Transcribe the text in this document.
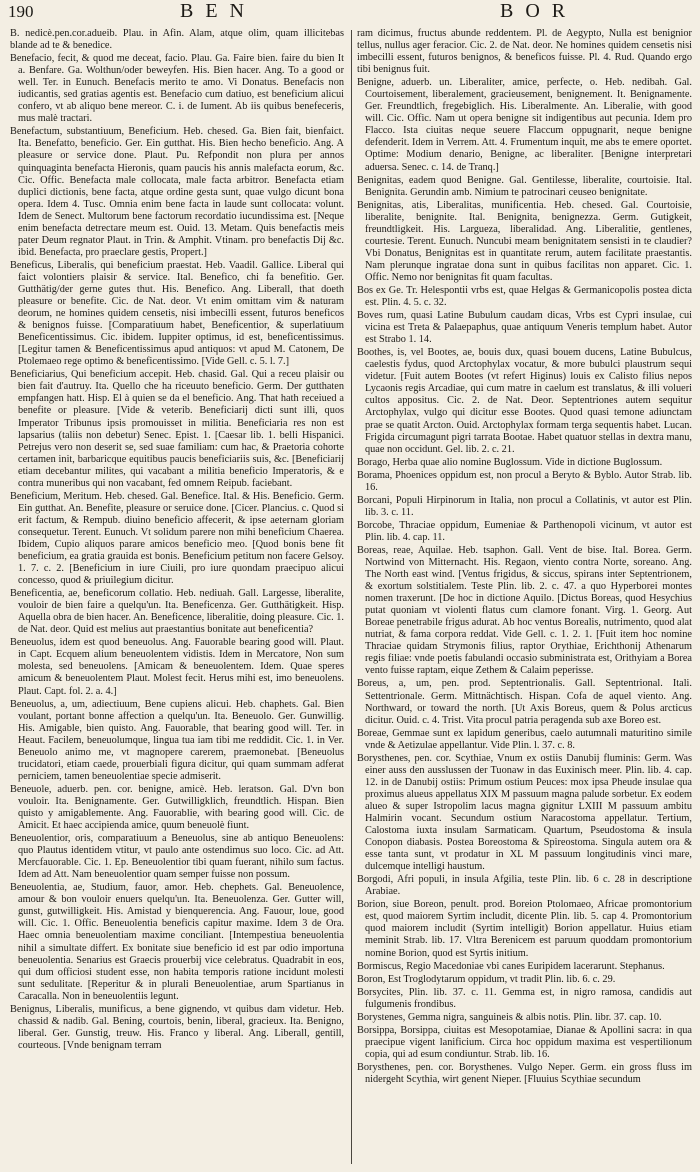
190	BEN	BOR

B. nedicè.pen.cor.adueib. Plau. in Afin. Alam, atque olim, quam illicitebas blande ad te & benedice.

Benefacio, fecit, & quod me deceat, facio. Plau. Ga. Faire bien. faire du bien It a. Benfare. Ga. Wolthun/oder beweyfen. His. Bien hacer. Ang. To a good or well. Ter. in Eunuch. Benefacis merito te amo. Vi Donatus. Benefacis non iudicantis, sed gratias agentis est. Benefacio cum datiuo, est beneficium alicui confero, vt ab aliquo bene mereor. C. i. de Iument. Ab iis quibus benefeceris, mus malè tractari.

Benefactum, substantiuum, Beneficium. Heb. chesed. Ga. Bien fait, bienfaict. Ita. Benefatto, beneficio. Ger. Ein gutthat. His. Bien hecho beneficio. Ang. A pleasure or service done. Plaut. Pu. Refpondit non plura per annos quinquaginta benefacta Hieronis, quam paucis his annis malefacta eorum, &c. Cic. Offic. Benefacta male collocata, male facta arbitror. Benefacta etiam duplici dictionis, bene facta, atque ordine gesta sunt, quae vulgo dicunt bona opera. Idem 4. Tusc. Omnia enim bene facta in laude sunt collocata: volunt. Idem de Senect. Multorum bene factorum recordatio iucundissima est. [Neque enim benefacta detrectare meum est. Ouid. 13. Metam. Quis benefactis meis pater Deum regnator Plaut. in Trin. & Amphit. Vtinam. pro benefactis Dij &c. ibid. Benefacta, pro praeclare gestis, Propert.]

Beneficus, Liberalis, qui beneficium praestat. Heb. Vaadil. Gallice. Liberal qui faict volontiers plaisir & service. Ital. Benefico, chi fa benefitio. Ger. Gutthätig/der gerne gutes thut. His. Benefico. Ang. Liberall, that doeth pleasure or benefite. Cic. de Nat. deor. Vt enim omittam vim & naturam deorum, ne homines quidem censetis, nisi imbecilli essent, futuros beneficos & benignos fuisse. [Comparatiuum habet, Beneficentior, & superlatiuum Beneficentissimus. Cic. ibidem. Iuppiter optimus, id est, beneficentissimus. [Legitur tamen & Beneficentissimus apud antiquos: vt apud M. Catonem, De Ptolemaeo rege optimo & beneficentissimo. [Vide Gell. c. 5. l. 7.]

Beneficiarius, Qui beneficium accepit. Heb. chasid. Gal. Qui a receu plaisir ou bien fait d'autruy. Ita. Quello che ha riceuuto beneficio. Germ. Der gutthaten empfangen hatt. Hisp. El à quien se da el beneficio. Ang. That hath receiued a benefite or pleasure. [Vide & veterib. Beneficiarij dicti sunt illi, quos Imperator Tribunus ipsis promouisset in militia. Beneficiaria res non est lapsarius (taliis non debetur) Senec. Epist. 1. [Caesar lib. 1. belli Hispanici. Petrejus vero non deserit se, sed suae familiam: cum hac, & Praetoria cohorte certamen init, barbaricque equitibus paucis beneficiariis suis, &c. [Beneficiarij etiam decebantur milites, qui vacabant a militia beneficio Imperatoris, & e contra muneribus qui non vacabant, fed omnem Reipub. faciebant.

Beneficium, Meritum. Heb. chesed. Gal. Benefice. Ital. & His. Beneficio. Germ. Ein gutthat. An. Benefite, pleasure or seruice done. [Cicer. Plancius. c. Quod si erit factum, & Rempub. diuino beneficio affecerit, & ipse aeternam gloriam consequetur. Terent. Eunuch. Vt solidum parere non mihi beneficium Chaerea. Ibidem, Cupio aliquos parare amicos beneficio meo. [Quod bonis bene fit beneficium, ea gratia grauida est bonis. Beneficium petitum non facere Gelsoy. 1. 7. c. 2. [Beneficium in iure Ciuili, pro iure quondam praecipuo alicui concesso, quod & priuilegium dicitur.

Beneficentia, ae, beneficorum collatio. Heb. nediuah. Gall. Largesse, liberalite, vouloir de bien faire a quelqu'un. Ita. Beneficenza. Ger. Gutthätigkeit. Hisp. Aquella obra de bien hacer. An. Beneficence, liberalitie, doing pleasure. Cic. 1. de Nat. deor. Quid est melius aut praestantius bonitate aut beneficentia?

Beneuolus, idem est quod beneuolus. Ang. Fauorable bearing good will. Plaut. in Capt. Ecquem alium beneuolentem vidistis. Idem in Mercatore, Non sum molesta, sed beneuolens. [Amicam & beneuolentem. Idem. Quae speres amicum & beneuolentem Plaut. Molest fecit. Herus mihi est, imo beneuolens. Plaut. Capt. fol. 2. a. 4.]

Beneuolus, a, um, adiectiuum, Bene cupiens alicui. Heb. chaphets. Gal. Bien voulant, portant bonne affection a quelqu'un. Ita. Beneuolo. Ger. Gunwillig. His. Amigable, bien quisto. Ang. Fauorable, that bearing good will. Ter. in Heaut. Facilem, beneuolumque, lingua tua iam tibi me reddidit. Cic. 1. in Ver. Beneuolo animo me, vt magnopere carerem, praemonebat. [Beneuolus trucidatori, etiam caede, prouerbiali figura dicitur, qui quam summam adferat perniciem, tamen beneuolentiae specie admiserit.

Beneuole, aduerb. pen. cor. benigne, amicè. Heb. leratson. Gal. D'vn bon vouloir. Ita. Benignamente. Ger. Gutwilligklich, freundtlich. Hispan. Bien quisto y amigablemente. Ang. Fauorablie, with bearing good will. Cic. de Amicit. Et haec accipienda amice, quum beneuolè fiunt.

Beneuolentior, oris, comparatiuum a Beneuolus, sine ab antiquo Beneuolens: quo Plautus identidem vtitur, vt paulo ante ostendimus suo loco. Cic. ad Att. Mercfauorable. Cic. 1. Ep. Beneuolentior tibi quam fuerant, nihilo sum factus. Idem ad Att. Nam beneuolentior quam semper fuisse non possum.

Beneuolentia, ae, Studium, fauor, amor. Heb. chephets. Gal. Beneuolence, amour & bon vouloir enuers quelqu'un. Ita. Beneuolenza. Ger. Gutter will, gunst, gutwilligkeit. His. Amistad y bienquerencia. Ang. Fauour, loue, good will. Cic. 1. Offic. Beneuolentia beneficis capitur maxime. Idem 3 de Ora. Haec omnia beneuolentiam maxime conciliant. [Intempestiua beneuolentia nihil a simultate differt. Ex bonitate siue beneficio id est par odio importuna beneuolentia. Senarius est Graecis prouerbij vice celebratus. Quadrabit in eos, qui dum officiosi student esse, non habita temporis ratione incidunt molesti sunt sedulitate. [Reperitur & in plurali Beneuolentiae, arum Spartianus in Caracalla. Non in beneuolentiis legunt.

Benignus, Liberalis, munificus, a bene gignendo, vt quibus dam videtur. Heb. chassid & nadib. Gal. Bening, courtois, benin, liberal, gracieux. Ita. Benigno, liberal. Ger. Gunstig, treuw. His. Franco y liberal. Ang. Liberall, gentill, courteous. [Vnde benignam terram

ram dicimus, fructus abunde reddentem. Pl. de Aegypto, Nulla est benignior tellus, nullus ager feracior. Cic. 2. de Nat. deor. Ne homines quidem censetis nisi imbecilli essent, futuros benignos, & beneficos fuisse. Pl. 4. Rud. Quando ergo tibi benignus fuit.

Benigne, aduerb. un. Liberaliter, amice, perfecte, o. Heb. nedibah. Gal. Courtoisement, liberalement, gracieusement, benignement. It. Benignamente. Ger. Freundtlich, fregebiglich. His. Liberalmente. An. Liberalie, with good will. Cic. Offic. Nam ut opera benigne sit indigentibus aut pecunia. Idem pro Flacco. Ista ciuitas neque seuere Flaccum oppugnarit, neque benigne defenderit. Idem in Verrem. Att. 4. Frumentum inquit, me abs te emere oportet. Optime: Modium denario, Benigne, ac liberaliter. [Benigne interpretari aduersa. Senec. c. 14. de Tranq.]

Benignitas, eadem quod Benigne. Gal. Gentilesse, liberalite, courtoisie. Ital. Benignita. Gerundin amb. Nimium te patrocinari ceuseo benignitate.

Benignitas, atis, Liberalitas, munificentia. Heb. chesed. Gal. Courtoisie, liberalite, benignite. Ital. Benignita, benignezza. Germ. Gutigkeit, freundtligkeit. His. Largueza, liberalidad. Ang. Liberalitie, gentlenes, courtesie. Terent. Eunuch. Nuncubi meam benignitatem sensisti in te claudier? Vbi Donatus, Benignitas est in quantitate rerum, autem facilitate praestantis. Nam plerunque ingratae dona sunt in quibus facilitas non apparet. Cic. 1. Offic. Nemo nor benignitas fit quam facultas.

Bos ex Ge. Tr. Helespontii vrbs est, quae Helgas & Germanicopolis postea dicta est. Plin. 4. 5. c. 32.

Boves rum, quasi Latine Bubulum caudam dicas, Vrbs est Cypri insulae, cui vicina est Treta & Palaepaphus, quae antiquum Veneris templum habet. Autor est Strabo 1. 14.

Boothes, is, vel Bootes, ae, bouis dux, quasi bouem ducens, Latine Bubulcus, caelestis fydus, quod Arctophylax vocatur, & more bubulci plaustrum sequi videtur. [Fuit autem Bootes (vt refert Higinus) louis ex Calisto filius nepos Lycaonis regis Arcadiae, qui cum matre in caelum est translatus, & illi volueri cultos appositus. Cic. 2. de Nat. Deor. Septentriones autem sequitur Arctophylax, vulgo qui dicitur esse Bootes. Quod quasi temone adiunctam prae se quatit Arcton. Ouid. Arctophylax formam terga sequentis habet. Lucan. Frigida circumagunt pigri tarrata Bootae. Habet quatuor stellas in dextra manu, quae non occidunt. Gel. lib. 2. c. 21.

Borago, Herba quae alio nomine Buglossum. Vide in dictione Buglossum.

Borama, Phoenices oppidum est, non procul a Beryto & Byblo. Autor Strab. lib. 16.

Borcani, Populi Hirpinorum in Italia, non procul a Collatinis, vt autor est Plin. lib. 3. c. 11.

Borcobe, Thraciae oppidum, Eumeniae & Parthenopoli vicinum, vt autor est Plin. lib. 4. cap. 11.

Boreas, reae, Aquilae. Heb. tsaphon. Gall. Vent de bise. Ital. Borea. Germ. Nortwind von Mitternacht. His. Regaon, viento contra Norte, soreano. Ang. The North east wind. [Ventus frigidus, & siccus, spirans inter Septentrionem, & exortum solstitialem. Teste Plin. lib. 2. c. 47. a quo Hyperborei montes nomen traxerunt. [De hoc in dictione Aquilo. [Dictus Boreas, quod Hesychius putat quoniam vt violenti flatus cum clamore fonant. Virg. 1. Georg. Aut Boreae penetrabile frigus adurat. Ab hoc ventus Borealis, nutrimento, quod alat nutriat, & fama corpora reddat. Vide Gell. c. 1. 2. 1. [Fuit item hoc nomine Thraciae quidam Strymonis filius, raptor Orythiae, Erichthonij Athenarum regis filiae: vnde poetis fabulandi occasio subministrata est, Orithyiam a Borea vento fuisse raptam, eique Zethem & Calaim peperisse.

Boreus, a, um, pen. prod. Septentrionalis. Gall. Septentrional. Itali. Settentrionale. Germ. Mittnächtisch. Hispan. Cofa de aquel viento. Ang. Northward, or toward the north. [Ut Axis Boreus, quem & Polus arcticus dicitur. Ouid. c. 4. Trist. Vita procul patria peragenda sub axe Boreo est.

Boreae, Gemmae sunt ex lapidum generibus, caelo autumnali maturitino simile vnde & Aetizulae appellantur. Vide Plin. l. 37. c. 8.

Borysthenes, pen. cor. Scythiae, Vnum ex ostiis Danubij fluminis: Germ. Was einer auss den ausslussen der Tuonaw in das Euxinisch meer. Plin. lib. 4. cap. 12. in de Danubij ostiis: Primum ostium Peuces: mox ipsa Pheude insulae qua proximus alueus appellatus XIX M passuum magna palude sorbetur. Ex eodem alueo & super Istropolim lacus magna gignitur LXIII M passuum ambitu Halmirin vocant. Secundum ostium Naracostoma appellatur. Tertium, Calostoma iuxta insulam Sarmaticam. Quartum, Pseudostoma & insula Conopon diabasis. Postea Boreostoma & Spireostoma. Singula autem ora & esse tanta sunt, vt prodatur in XL M passuum longitudinis vinci mare, dulcemque intelligi haustum.

Borgodi, Afri populi, in insula Afgilia, teste Plin. lib. 6 c. 28 in descriptione Arabiae.

Borion, siue Boreon, penult. prod. Boreion Ptolomaeo, Africae promontorium est, quod maiorem Syrtim includit, dicente Plin. lib. 5. cap 4. Promontorium quod maiorem includit (Syrtim intelligit) Borion appellatur. Huius etiam meminit Strab. lib. 17. Vltra Berenicem est paruum quoddam promontorium nomine Borion, quod est Syrtis initium.

Bormiscus, Regio Macedoniae vbi canes Euripidem lacerarunt. Stephanus.

Boron, Est Troglodytarum oppidum, vt tradit Plin. lib. 6. c. 29.

Borsycites, Plin. lib. 37. c. 11. Gemma est, in nigro ramosa, candidis aut fulgumenis frondibus.

Borystenes, Gemma nigra, sanguineis & albis notis. Plin. libr. 37. cap. 10.

Borsippa, Borsippa, ciuitas est Mesopotamiae, Dianae & Apollini sacra: in qua praecipue vigent lanificium. Circa hoc oppidum maxima est vespertilionum copia, qui ad esum condiuntur. Strab. lib. 16.

Borysthenes, pen. cor. Borysthenes. Vulgo Neper. Germ. ein gross fluss im nidergeht Scythia, wirt genent Nieper. [Fluuius Scythiae secundum
